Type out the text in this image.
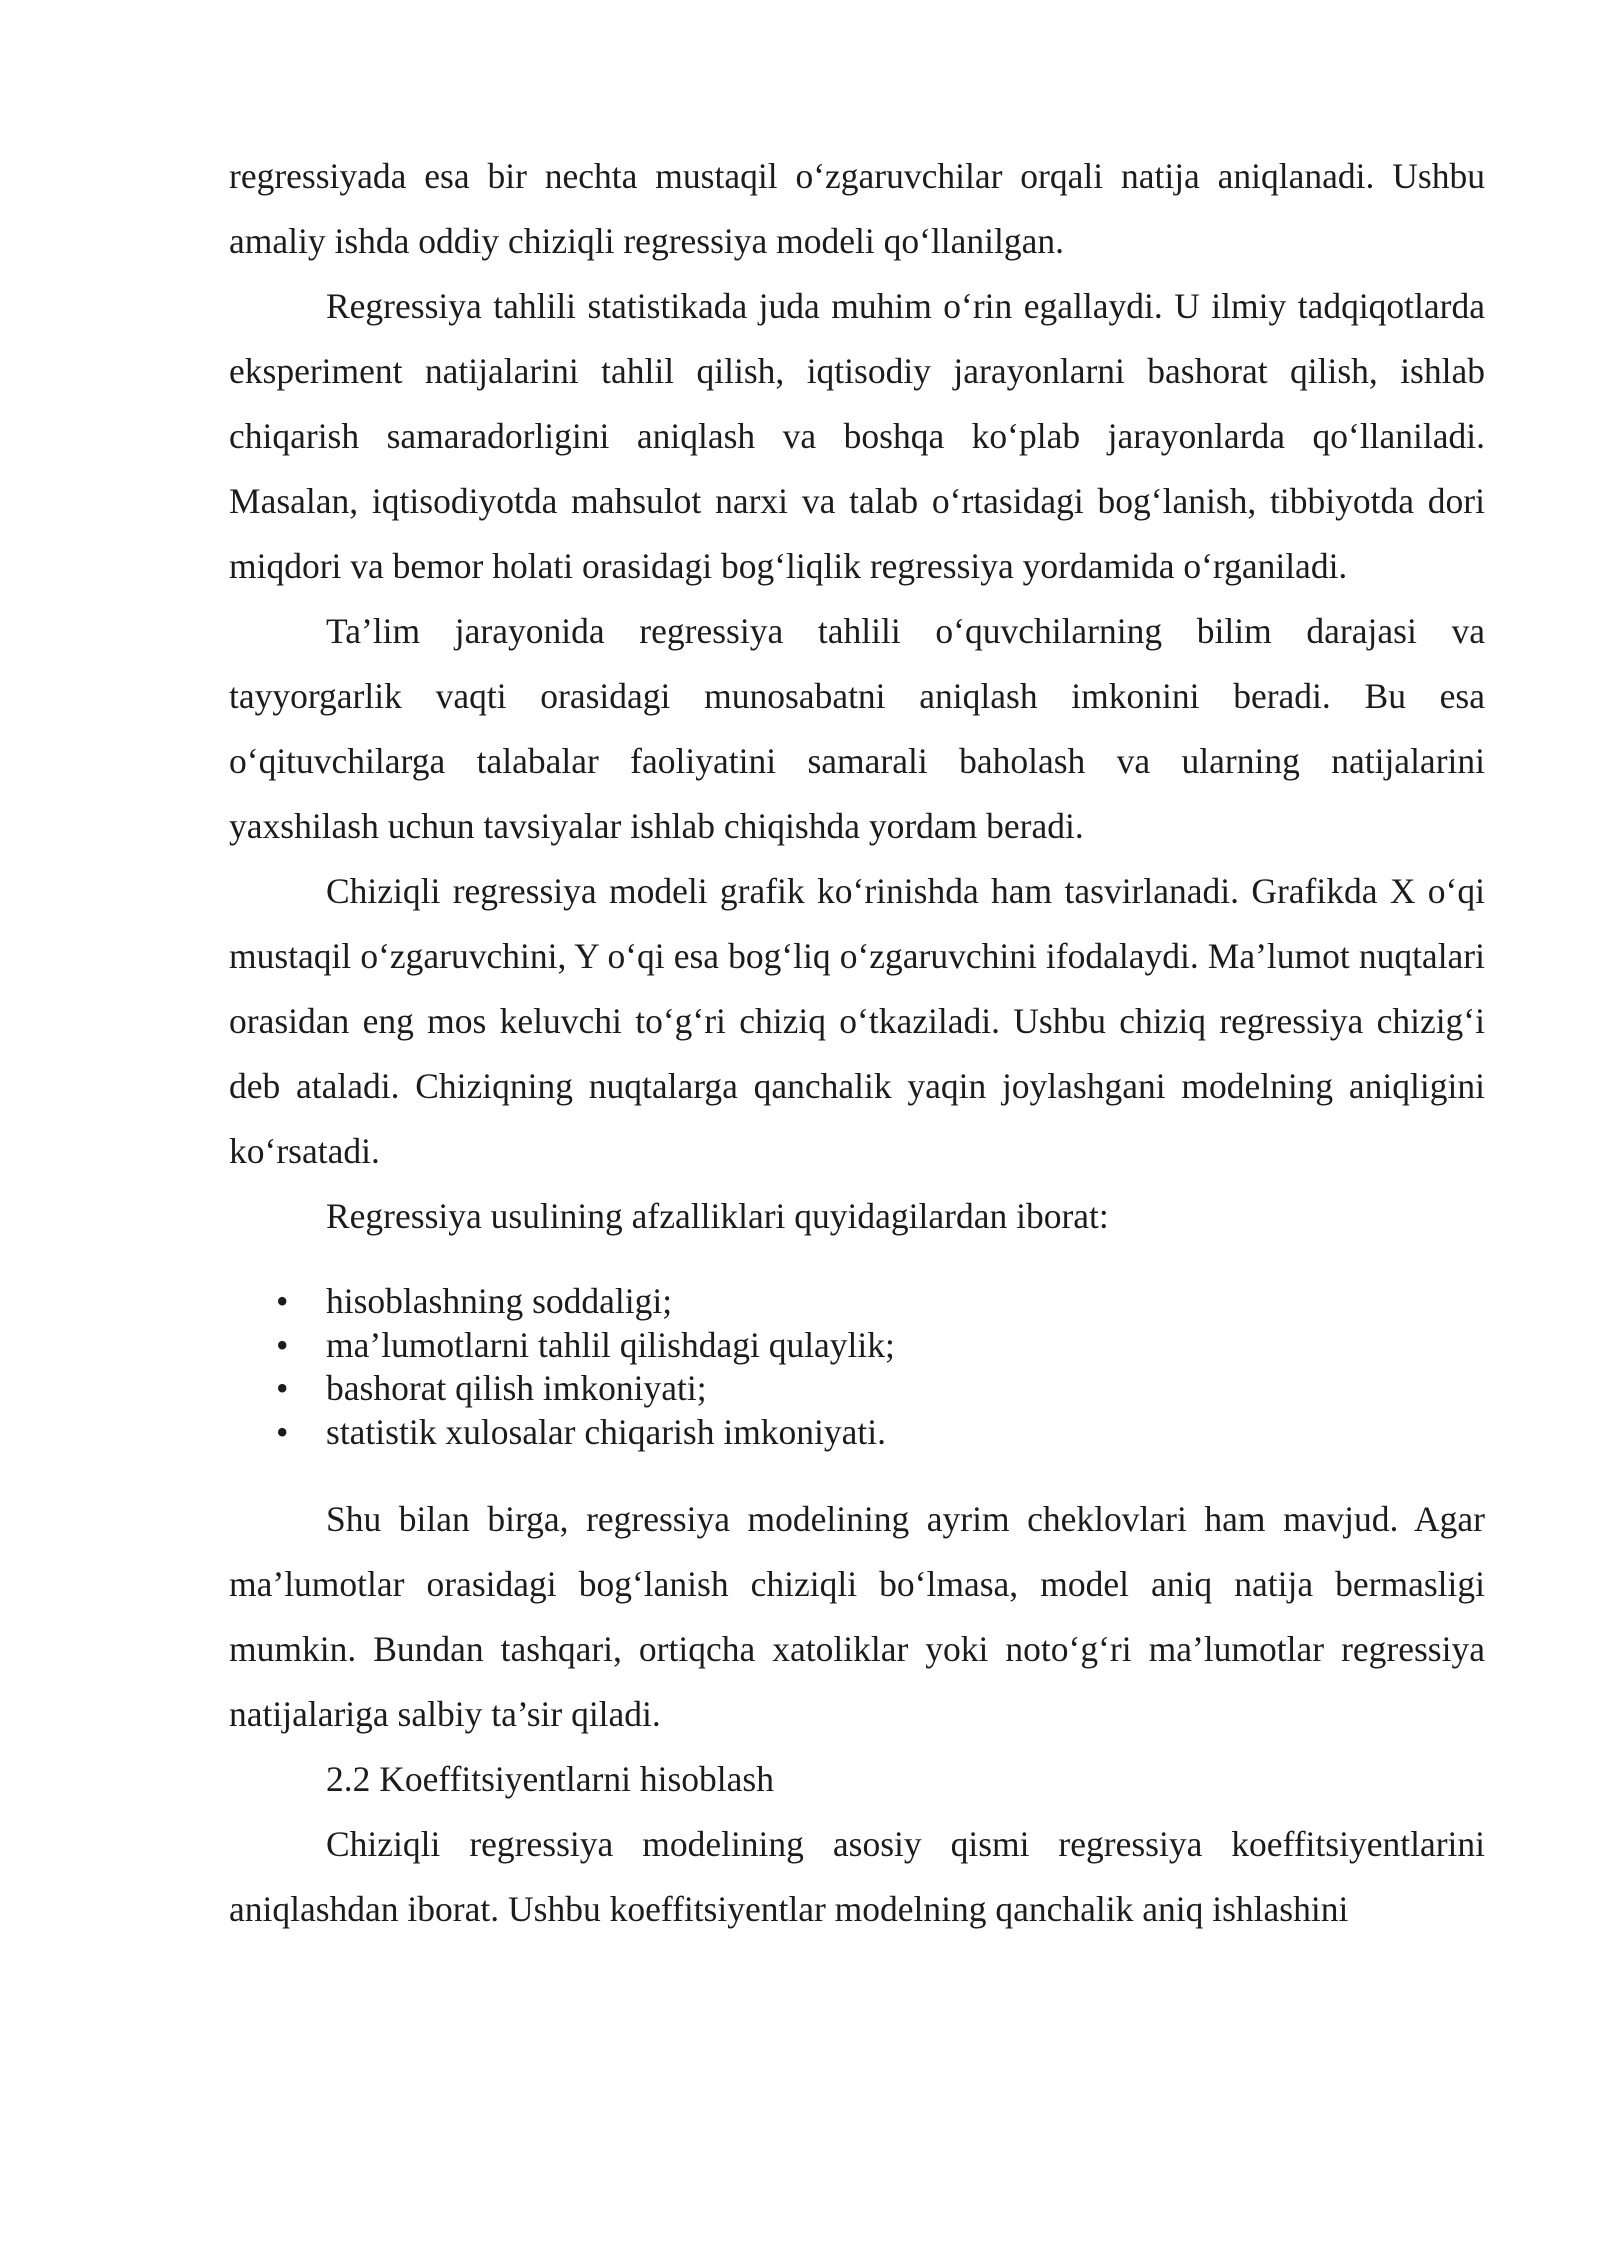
regressiyada esa bir nechta mustaqil o‘zgaruvchilar orqali natija aniqlanadi. Ushbu amaliy ishda oddiy chiziqli regressiya modeli qo‘llanilgan.

Regressiya tahlili statistikada juda muhim o‘rin egallaydi. U ilmiy tadqiqotlarda eksperiment natijalarini tahlil qilish, iqtisodiy jarayonlarni bashorat qilish, ishlab chiqarish samaradorligini aniqlash va boshqa ko‘plab jarayonlarda qo‘llaniladi. Masalan, iqtisodiyotda mahsulot narxi va talab o‘rtasidagi bog‘lanish, tibbiyotda dori miqdori va bemor holati orasidagi bog‘liqlik regressiya yordamida o‘rganiladi.

Ta’lim jarayonida regressiya tahlili o‘quvchilarning bilim darajasi va tayyorgarlik vaqti orasidagi munosabatni aniqlash imkonini beradi. Bu esa o‘qituvchilarga talabalar faoliyatini samarali baholash va ularning natijalarini yaxshilash uchun tavsiyalar ishlab chiqishda yordam beradi.

Chiziqli regressiya modeli grafik ko‘rinishda ham tasvirlanadi. Grafikda X o‘qi mustaqil o‘zgaruvchini, Y o‘qi esa bog‘liq o‘zgaruvchini ifodalaydi. Ma’lumot nuqtalari orasidan eng mos keluvchi to‘g‘ri chiziq o‘tkaziladi. Ushbu chiziq regressiya chizig‘i deb ataladi. Chiziqning nuqtalarga qanchalik yaqin joylashgani modelning aniqligini ko‘rsatadi.

Regressiya usulining afzalliklari quyidagilardan iborat:

• hisoblashning soddaligi;
• ma’lumotlarni tahlil qilishdagi qulaylik;
• bashorat qilish imkoniyati;
• statistik xulosalar chiqarish imkoniyati.

Shu bilan birga, regressiya modelining ayrim cheklovlari ham mavjud. Agar ma’lumotlar orasidagi bog‘lanish chiziqli bo‘lmasa, model aniq natija bermasligi mumkin. Bundan tashqari, ortiqcha xatoliklar yoki noto‘g‘ri ma’lumotlar regressiya natijalariga salbiy ta’sir qiladi.

2.2 Koeffitsiyentlarni hisoblash

Chiziqli regressiya modelining asosiy qismi regressiya koeffitsiyentlarini aniqlashdan iborat. Ushbu koeffitsiyentlar modelning qanchalik aniq ishlashini
